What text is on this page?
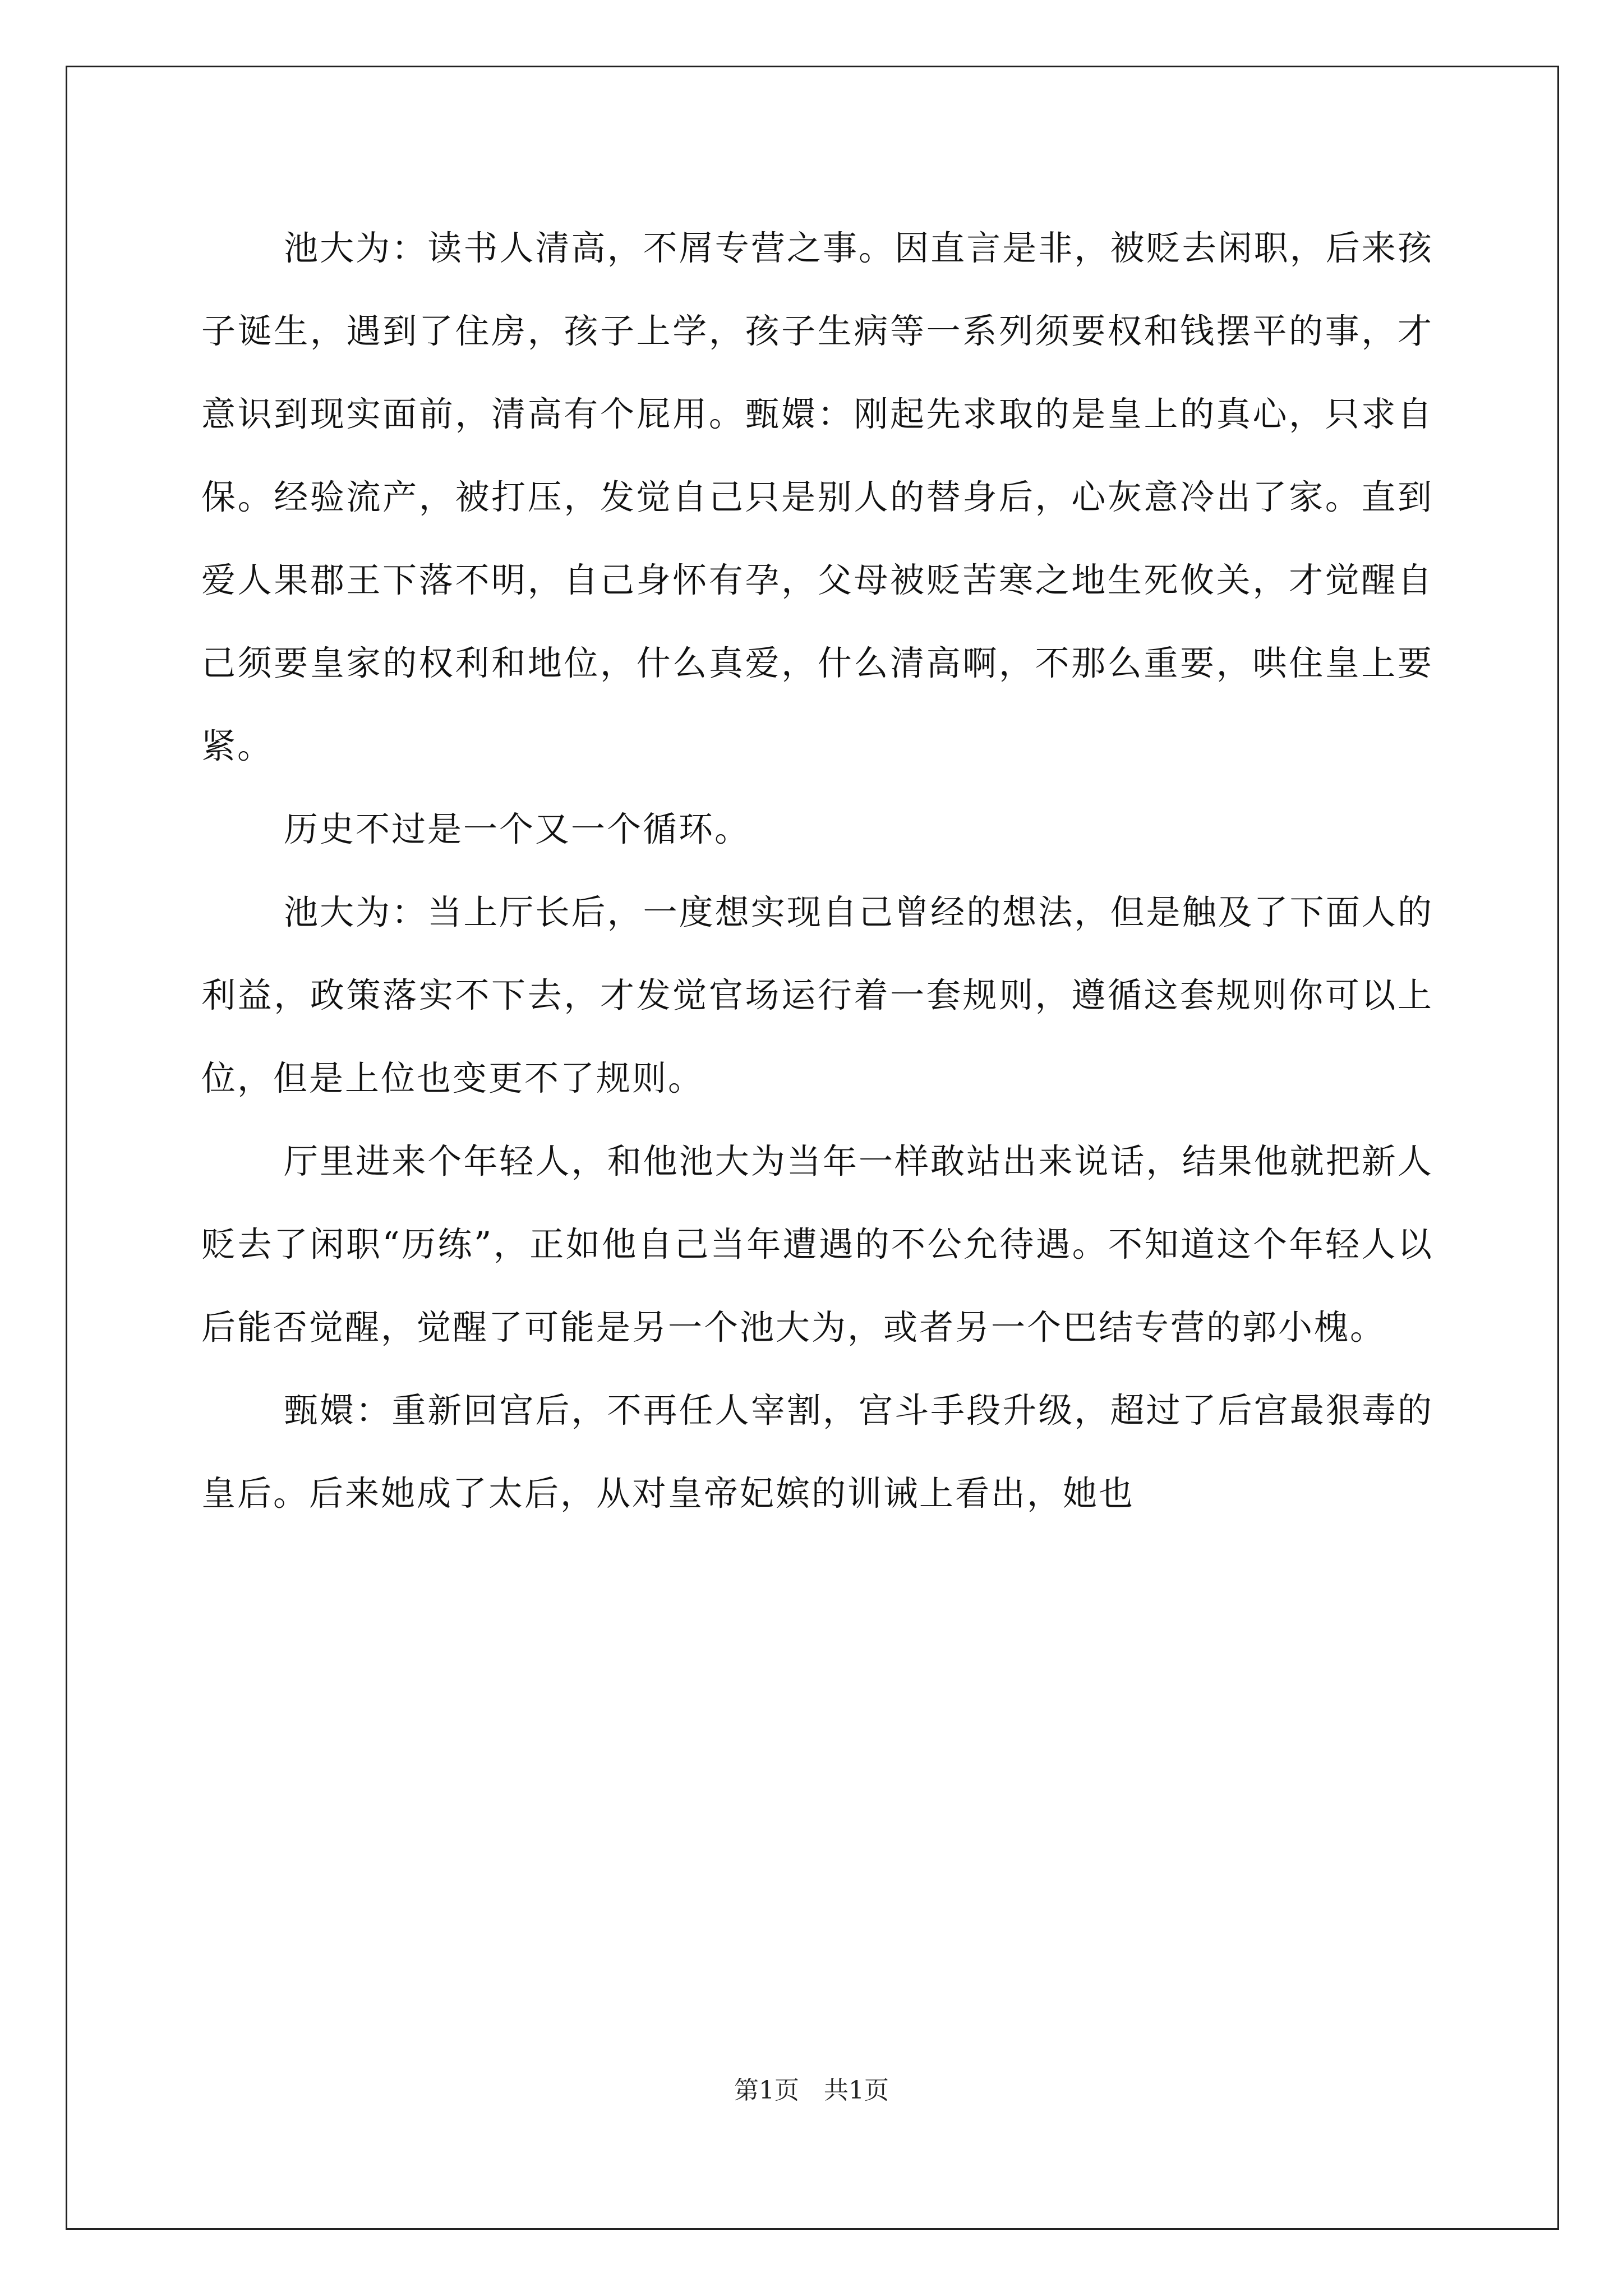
池大为：读书人清高，不屑专营之事。因直言是非，被贬去闲职，后来孩子诞生，遇到了住房，孩子上学，孩子生病等一系列须要权和钱摆平的事，才意识到现实面前，清高有个屁用。甄嬛：刚起先求取的是皇上的真心，只求自保。经验流产，被打压，发觉自己只是别人的替身后，心灰意冷出了家。直到爱人果郡王下落不明，自己身怀有孕，父母被贬苦寒之地生死攸关，才觉醒自己须要皇家的权利和地位，什么真爱，什么清高啊，不那么重要，哄住皇上要紧。

历史不过是一个又一个循环。

池大为：当上厅长后，一度想实现自己曾经的想法，但是触及了下面人的利益，政策落实不下去，才发觉官场运行着一套规则，遵循这套规则你可以上位，但是上位也变更不了规则。

厅里进来个年轻人，和他池大为当年一样敢站出来说话，结果他就把新人贬去了闲职“历练”，正如他自己当年遭遇的不公允待遇。不知道这个年轻人以后能否觉醒，觉醒了可能是另一个池大为，或者另一个巴结专营的郭小槐。

甄嬛：重新回宫后，不再任人宰割，宫斗手段升级，超过了后宫最狠毒的皇后。后来她成了太后，从对皇帝妃嫔的训诫上看出，她也

第1页　共1页
